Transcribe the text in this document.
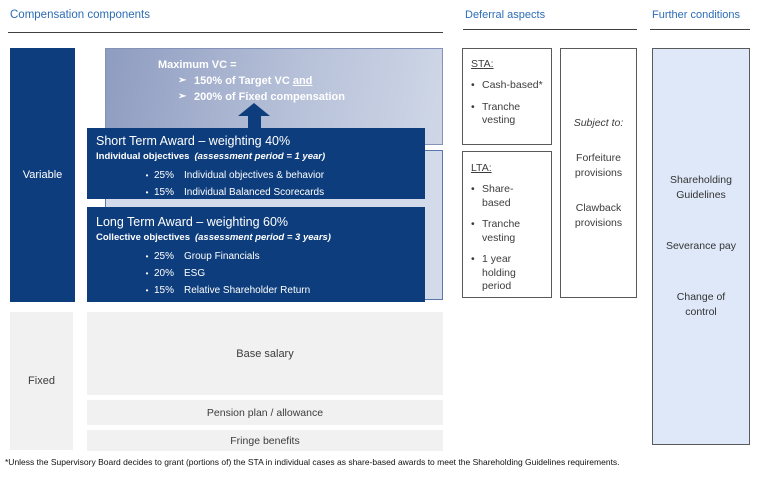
Compensation components	Deferral aspects	Further conditions
Variable
Fixed
Maximum VC =
➢ 150% of Target VC and
➢ 200% of Fixed compensation
Short Term Award – weighting 40%
Individual objectives (assessment period = 1 year)
• 25% Individual objectives & behavior
• 15% Individual Balanced Scorecards
Long Term Award – weighting 60%
Collective objectives (assessment period = 3 years)
• 25% Group Financials
• 20% ESG
• 15% Relative Shareholder Return
Base salary
Pension plan / allowance
Fringe benefits
STA:
• Cash-based*
• Tranche vesting
LTA:
• Share-based
• Tranche vesting
• 1 year holding period
Subject to:
Forfeiture provisions
Clawback provisions
Shareholding Guidelines
Severance pay
Change of control
*Unless the Supervisory Board decides to grant (portions of) the STA in individual cases as share-based awards to meet the Shareholding Guidelines requirements.
